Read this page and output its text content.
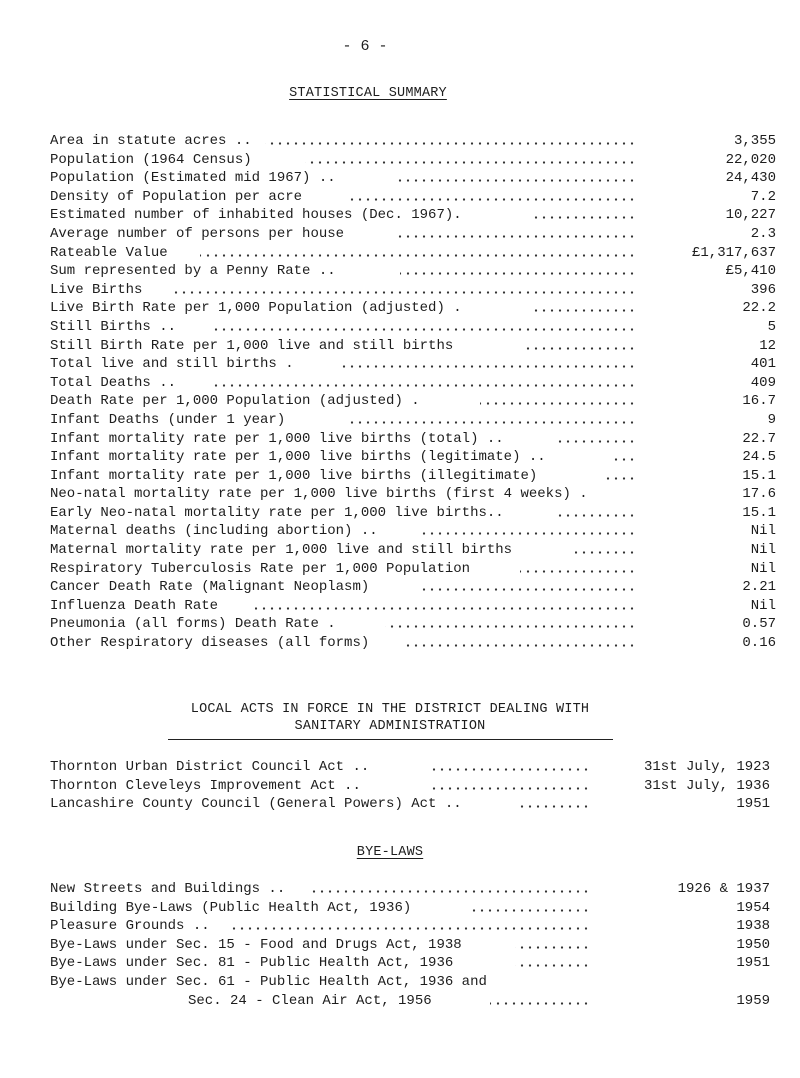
- 6 -
STATISTICAL SUMMARY
Area in statute acres ..	3,355
Population (1964 Census)	22,020
Population (Estimated mid 1967) ..	24,430
Density of Population per acre	7.2
Estimated number of inhabited houses (Dec. 1967).	10,227
Average number of persons per house	2.3
Rateable Value	£1,317,637
Sum represented by a Penny Rate ..	£5,410
Live Births	396
Live Birth Rate per 1,000 Population (adjusted) .	22.2
Still Births ..	5
Still Birth Rate per 1,000 live and still births	12
Total live and still births .	401
Total Deaths ..	409
Death Rate per 1,000 Population (adjusted) .	16.7
Infant Deaths (under 1 year)	9
Infant mortality rate per 1,000 live births (total) ..	22.7
Infant mortality rate per 1,000 live births (legitimate) ..	24.5
Infant mortality rate per 1,000 live births (illegitimate)	15.1
Neo-natal mortality rate per 1,000 live births (first 4 weeks) .	17.6
Early Neo-natal mortality rate per 1,000 live births..	15.1
Maternal deaths (including abortion) ..	Nil
Maternal mortality rate per 1,000 live and still births	Nil
Respiratory Tuberculosis Rate per 1,000 Population	Nil
Cancer Death Rate (Malignant Neoplasm)	2.21
Influenza Death Rate	Nil
Pneumonia (all forms) Death Rate .	0.57
Other Respiratory diseases (all forms)	0.16
LOCAL ACTS IN FORCE IN THE DISTRICT DEALING WITH
SANITARY ADMINISTRATION
Thornton Urban District Council Act ..	31st July, 1923
Thornton Cleveleys Improvement Act ..	31st July, 1936
Lancashire County Council (General Powers) Act ..	1951
BYE-LAWS
New Streets and Buildings ..	1926 & 1937
Building Bye-Laws (Public Health Act, 1936)	1954
Pleasure Grounds ..	1938
Bye-Laws under Sec. 15 - Food and Drugs Act, 1938	1950
Bye-Laws under Sec. 81 - Public Health Act, 1936	1951
Bye-Laws under Sec. 61 - Public Health Act, 1936 and
Sec. 24 - Clean Air Act, 1956	1959
